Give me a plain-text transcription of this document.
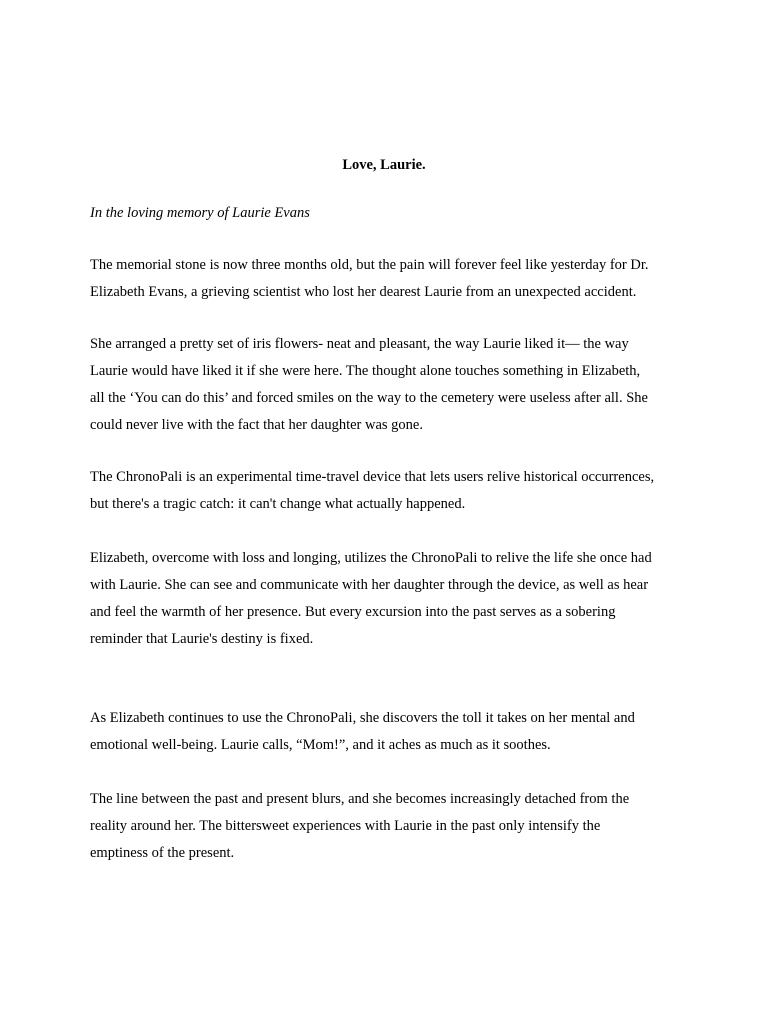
Love, Laurie.

In the loving memory of Laurie Evans

The memorial stone is now three months old, but the pain will forever feel like yesterday for Dr.
Elizabeth Evans, a grieving scientist who lost her dearest Laurie from an unexpected accident.

She arranged a pretty set of iris flowers- neat and pleasant, the way Laurie liked it— the way
Laurie would have liked it if she were here. The thought alone touches something in Elizabeth,
all the ‘You can do this’ and forced smiles on the way to the cemetery were useless after all. She
could never live with the fact that her daughter was gone.

The ChronoPali is an experimental time-travel device that lets users relive historical occurrences,
but there's a tragic catch: it can't change what actually happened.

Elizabeth, overcome with loss and longing, utilizes the ChronoPali to relive the life she once had
with Laurie. She can see and communicate with her daughter through the device, as well as hear
and feel the warmth of her presence. But every excursion into the past serves as a sobering
reminder that Laurie's destiny is fixed.

As Elizabeth continues to use the ChronoPali, she discovers the toll it takes on her mental and
emotional well-being. Laurie calls, “Mom!”, and it aches as much as it soothes.

The line between the past and present blurs, and she becomes increasingly detached from the
reality around her. The bittersweet experiences with Laurie in the past only intensify the
emptiness of the present.
